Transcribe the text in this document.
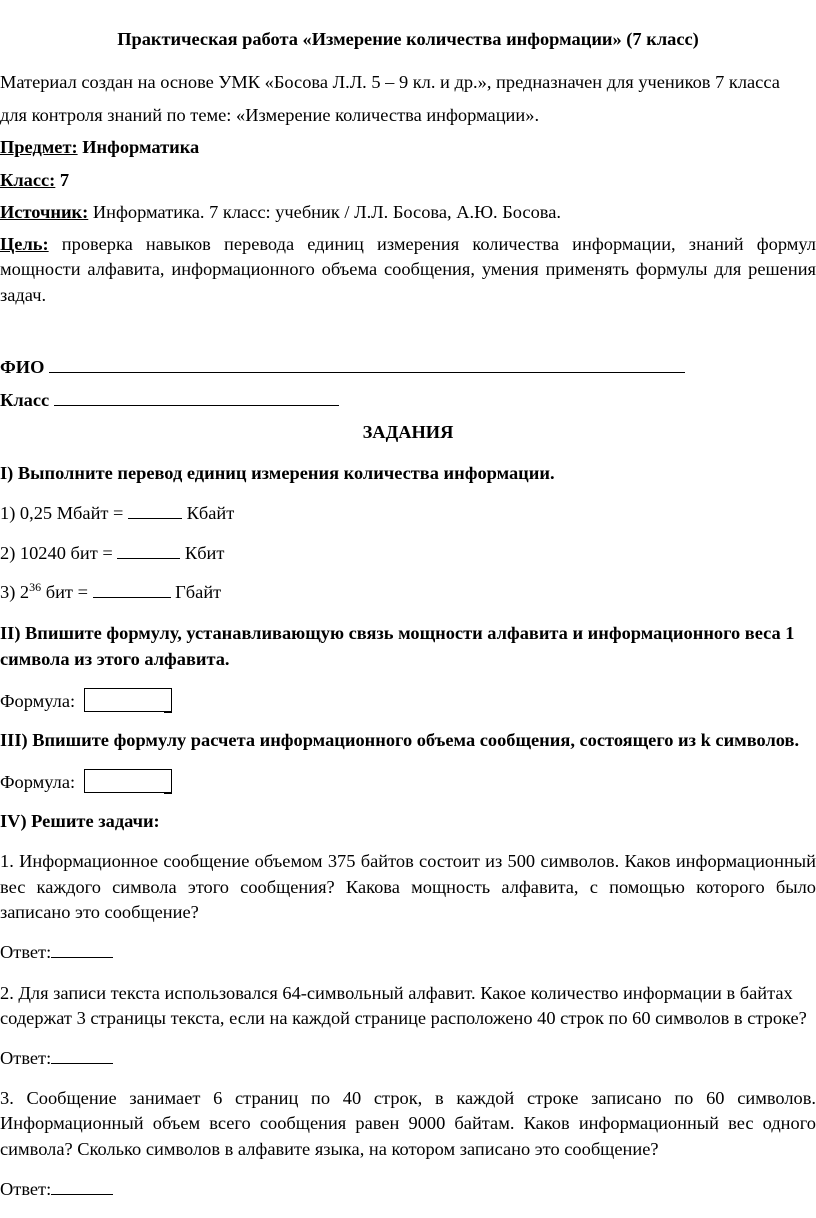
Практическая работа «Измерение количества информации» (7 класс)
Материал создан на основе УМК «Босова Л.Л. 5 – 9 кл. и др.», предназначен для учеников 7 класса
для контроля знаний по теме: «Измерение количества информации».
Предмет: Информатика
Класс: 7
Источник: Информатика. 7 класс: учебник / Л.Л. Босова, А.Ю. Босова.
Цель: проверка навыков перевода единиц измерения количества информации, знаний формул
мощности алфавита, информационного объема сообщения, умения применять формулы для решения
задач.
ФИО
Класс
ЗАДАНИЯ
I) Выполните перевод единиц измерения количества информации.
1) 0,25 Мбайт =	Кбайт
2) 10240 бит =	Кбит
3) $2^{36}$ бит =	Гбайт
II) Впишите формулу, устанавливающую связь мощности алфавита и информационного веса 1
символа из этого алфавита.
Формула:
III) Впишите формулу расчета информационного объема сообщения, состоящего из k символов.
Формула:
IV) Решите задачи:
1. Информационное сообщение объемом 375 байтов состоит из 500 символов. Каков информационный
вес каждого символа этого сообщения? Какова мощность алфавита, с помощью которого было
записано это сообщение?
Ответ:
2. Для записи текста использовался 64-символьный алфавит. Какое количество информации в байтах
содержат 3 страницы текста, если на каждой странице расположено 40 строк по 60 символов в строке?
Ответ:
3. Сообщение занимает 6 страниц по 40 строк, в каждой строке записано по 60 символов.
Информационный объем всего сообщения равен 9000 байтам. Каков информационный вес одного
символа? Сколько символов в алфавите языка, на котором записано это сообщение?
Ответ:
